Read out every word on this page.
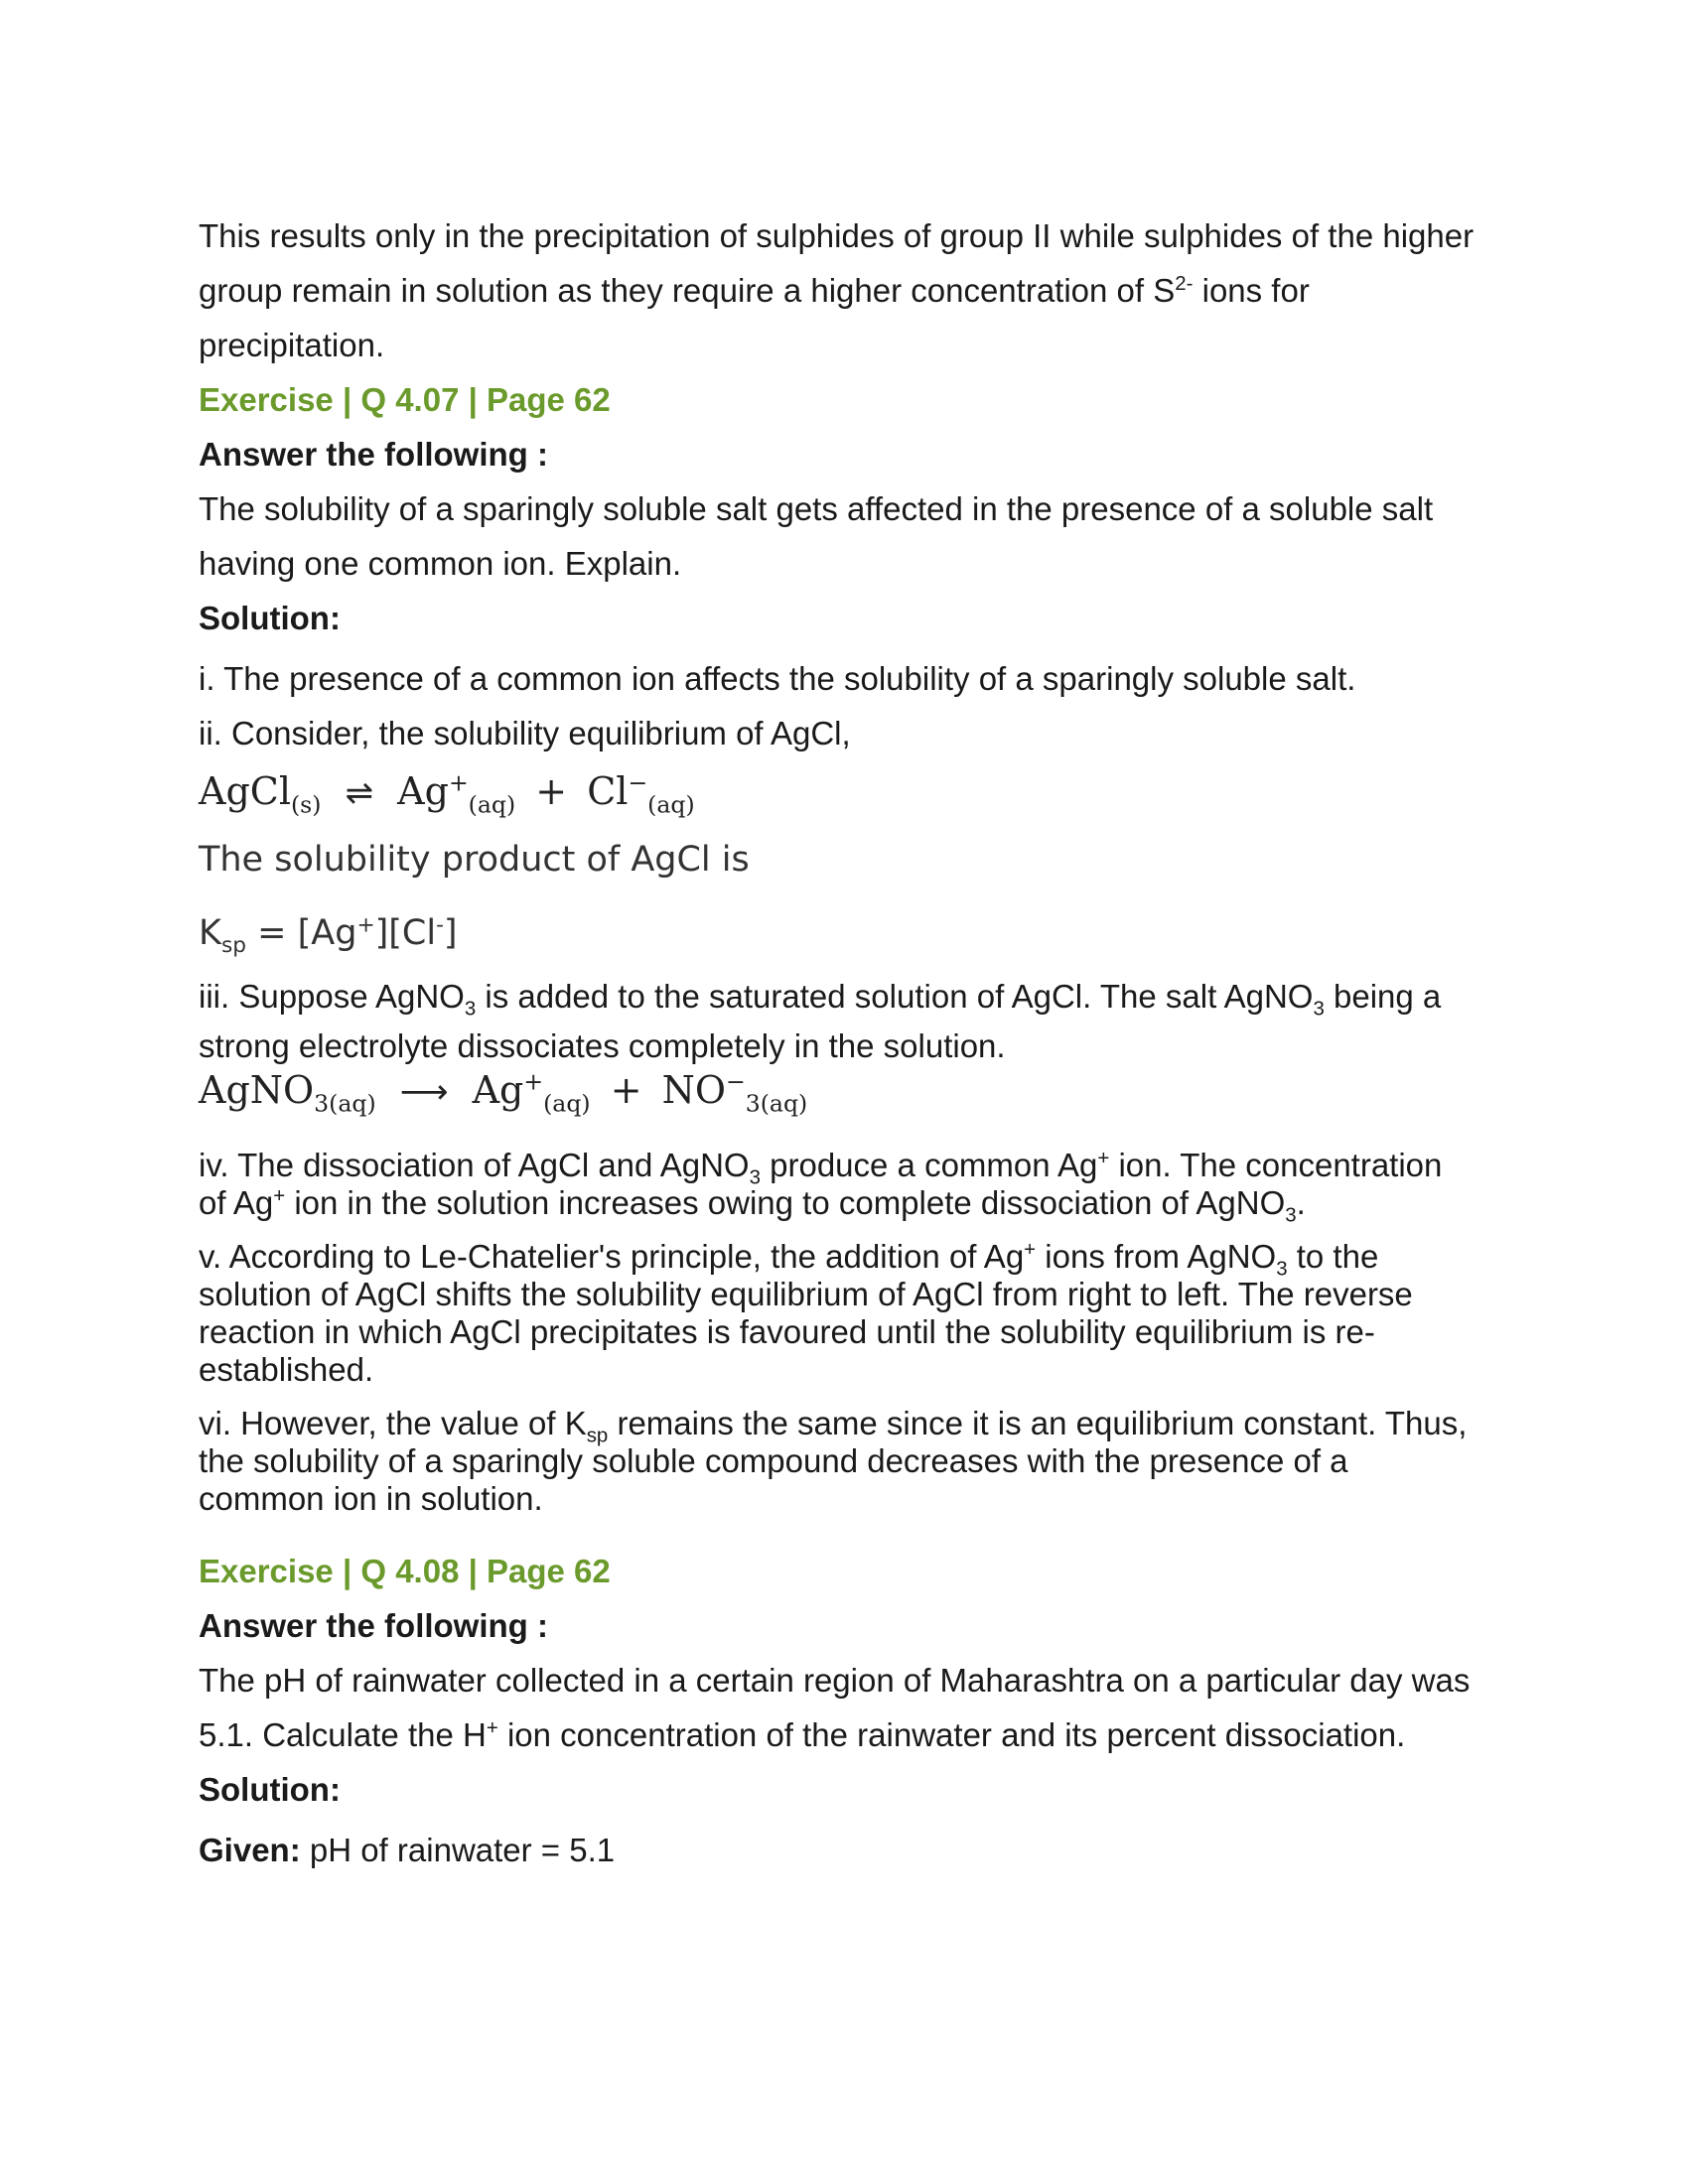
This results only in the precipitation of sulphides of group II while sulphides of the higher

group remain in solution as they require a higher concentration of $S^{2-}$ ions for

precipitation.

Exercise | Q 4.07 | Page 62

Answer the following :

The solubility of a sparingly soluble salt gets affected in the presence of a soluble salt

having one common ion. Explain.

Solution:

i. The presence of a common ion affects the solubility of a sparingly soluble salt.

ii. Consider, the solubility equilibrium of AgCl,

AgCl$_{(s)}$ ⇌ $Ag^+_{(aq)} + Cl^-_{(aq)}$

The solubility product of AgCl is

$K_{sp} = [Ag^+][Cl^-]$

iii. Suppose AgNO$_3$ is added to the saturated solution of AgCl. The salt AgNO$_3$ being a

strong electrolyte dissociates completely in the solution.

AgNO$_{3(aq)}$ ⟶ $Ag^+_{(aq)} + NO^-_{3(aq)}$

iv. The dissociation of AgCl and AgNO$_3$ produce a common Ag+ ion. The concentration

of Ag+ ion in the solution increases owing to complete dissociation of AgNO$_3$.

v. According to Le-Chatelier's principle, the addition of Ag+ ions from AgNO$_3$ to the

solution of AgCl shifts the solubility equilibrium of AgCl from right to left. The reverse

reaction in which AgCl precipitates is favoured until the solubility equilibrium is re-

established.

vi. However, the value of $K_{sp}$ remains the same since it is an equilibrium constant. Thus,

the solubility of a sparingly soluble compound decreases with the presence of a

common ion in solution.

Exercise | Q 4.08 | Page 62

Answer the following :

The pH of rainwater collected in a certain region of Maharashtra on a particular day was

5.1. Calculate the H+ ion concentration of the rainwater and its percent dissociation.

Solution:

Given: pH of rainwater = 5.1
